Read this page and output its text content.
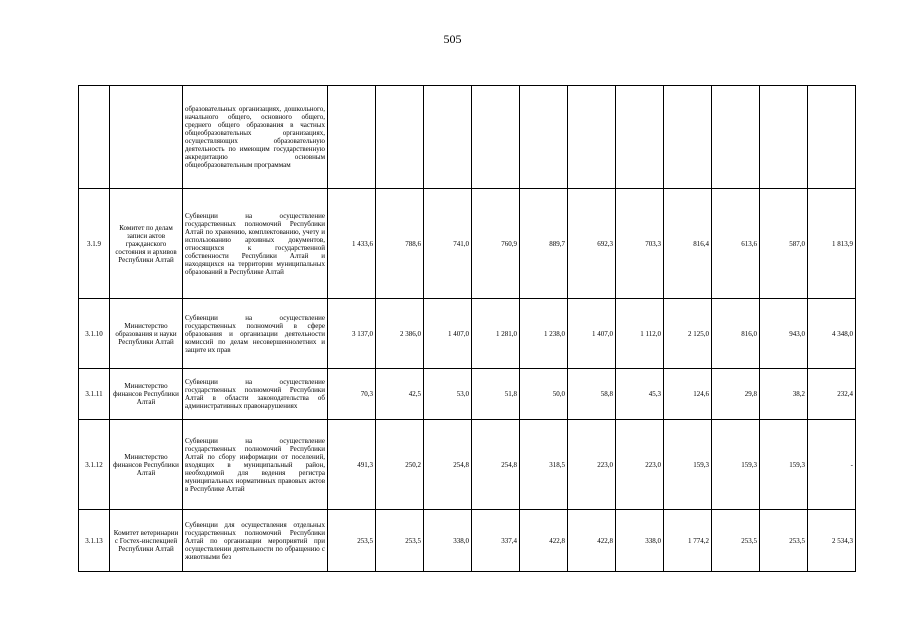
505
		образовательных организациях, дошкольного, начального общего, основного общего, среднего общего образования в частных общеобразовательных организациях, осуществляющих образовательную деятельность по имеющим государственную аккредитацию основным общеобразовательным программам											
3.1.9	Комитет по делам записи актов гражданского состояния и архивов Республики Алтай	Субвенции на осуществление государственных полномочий Республики Алтай по хранению, комплектованию, учету и использованию архивных документов, относящихся к государственной собственности Республики Алтай и находящихся на территории муниципальных образований в Республике Алтай	1 433,6	788,6	741,0	760,9	889,7	692,3	703,3	816,4	613,6	587,0	1 813,9
3.1.10	Министерство образования и науки Республики Алтай	Субвенции на осуществление государственных полномочий в сфере образования и организации деятельности комиссий по делам несовершеннолетних и защите их прав	3 137,0	2 386,0	1 407,0	1 281,0	1 238,0	1 407,0	1 112,0	2 125,0	816,0	943,0	4 348,0
3.1.11	Министерство финансов Республики Алтай	Субвенции на осуществление государственных полномочий Республики Алтай в области законодательства об административных правонарушениях	70,3	42,5	53,0	51,8	50,0	58,8	45,3	124,6	29,8	38,2	232,4
3.1.12	Министерство финансов Республики Алтай	Субвенции на осуществление государственных полномочий Республики Алтай по сбору информации от поселений, входящих в муниципальный район, необходимой для ведения регистра муниципальных нормативных правовых актов в Республике Алтай	491,3	250,2	254,8	254,8	318,5	223,0	223,0	159,3	159,3	159,3	-
3.1.13	Комитет ветеринарии с Гостех-инспекцией Республики Алтай	Субвенции для осуществления отдельных государственных полномочий Республики Алтай по организации мероприятий при осуществлении деятельности по обращению с животными без	253,5	253,5	338,0	337,4	422,8	422,8	338,0	1 774,2	253,5	253,5	2 534,3
